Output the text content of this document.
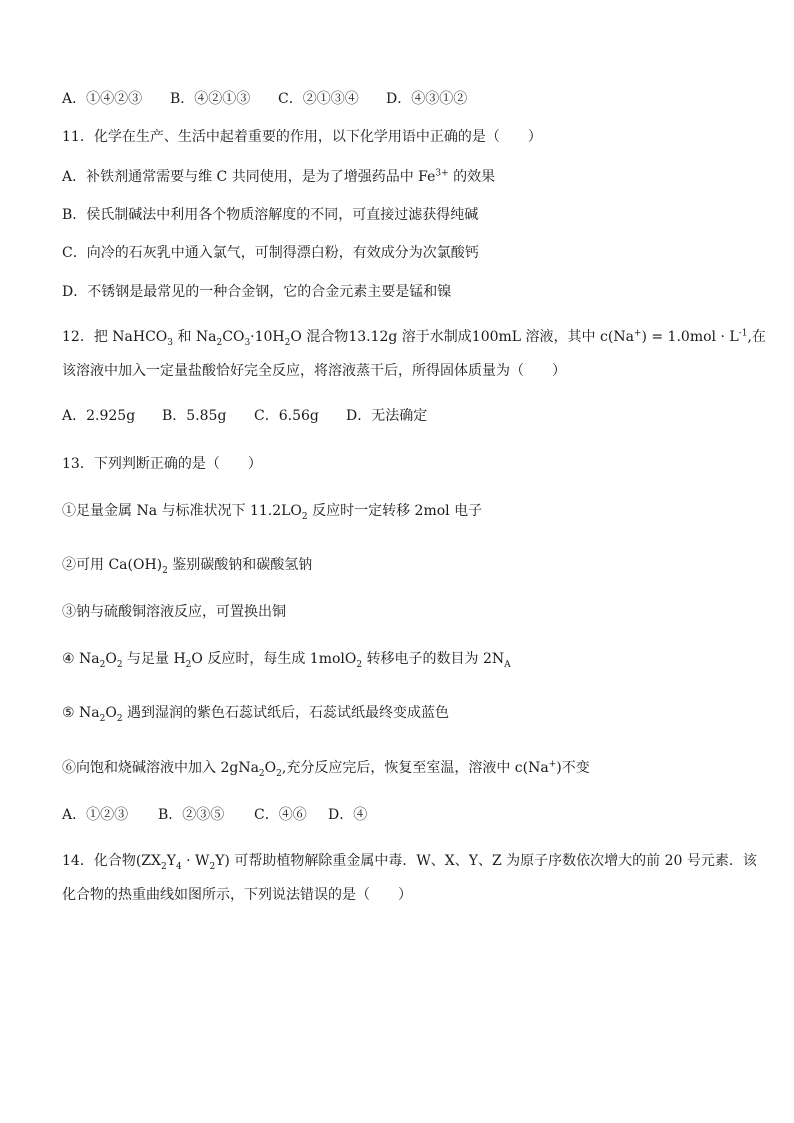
A．①④②③ B．④②①③ C．②①③④ D．④③①②
11．化学在生产、生活中起着重要的作用，以下化学用语中正确的是（　　）
A．补铁剂通常需要与维 C 共同使用，是为了增强药品中 $Fe^{3+}$ 的效果
B．侯氏制碱法中利用各个物质溶解度的不同，可直接过滤获得纯碱
C．向冷的石灰乳中通入氯气，可制得漂白粉，有效成分为次氯酸钙
D．不锈钢是最常见的一种合金钢，它的合金元素主要是锰和镍
12．把 NaHCO$_3$ 和 $Na_2CO_3\cdot 10H_2O$ 混合物13.12g 溶于水制成100mL 溶液，其中 $c(Na^+) = 1.0mol \cdot L^{-1}$,在
该溶液中加入一定量盐酸恰好完全反应，将溶液蒸干后，所得固体质量为（　　）
A．2.925g B．5.85g C．6.56g D．无法确定
13．下列判断正确的是（　　）
①足量金属 Na 与标准状况下 $11.2LO_2$ 反应时一定转移 2mol 电子
②可用 $Ca(OH)_2$ 鉴别碳酸钠和碳酸氢钠
③钠与硫酸铜溶液反应，可置换出铜
④ $Na_2O_2$ 与足量 $H_2O$ 反应时，每生成 1molO$_2$ 转移电子的数目为 $2N_A$
⑤ $Na_2O_2$ 遇到湿润的紫色石蕊试纸后，石蕊试纸最终变成蓝色
⑥向饱和烧碱溶液中加入 $2gNa_2O_2$,充分反应完后，恢复至室温，溶液中 c(Na+)不变
A．①②③ B．②③⑤ C．④⑥ D．④
14．化合物$(ZX_2Y_4 \cdot W_2Y)$ 可帮助植物解除重金属中毒．W、X、Y、Z 为原子序数依次增大的前 20 号元素．该
化合物的热重曲线如图所示，下列说法错误的是（　　）
